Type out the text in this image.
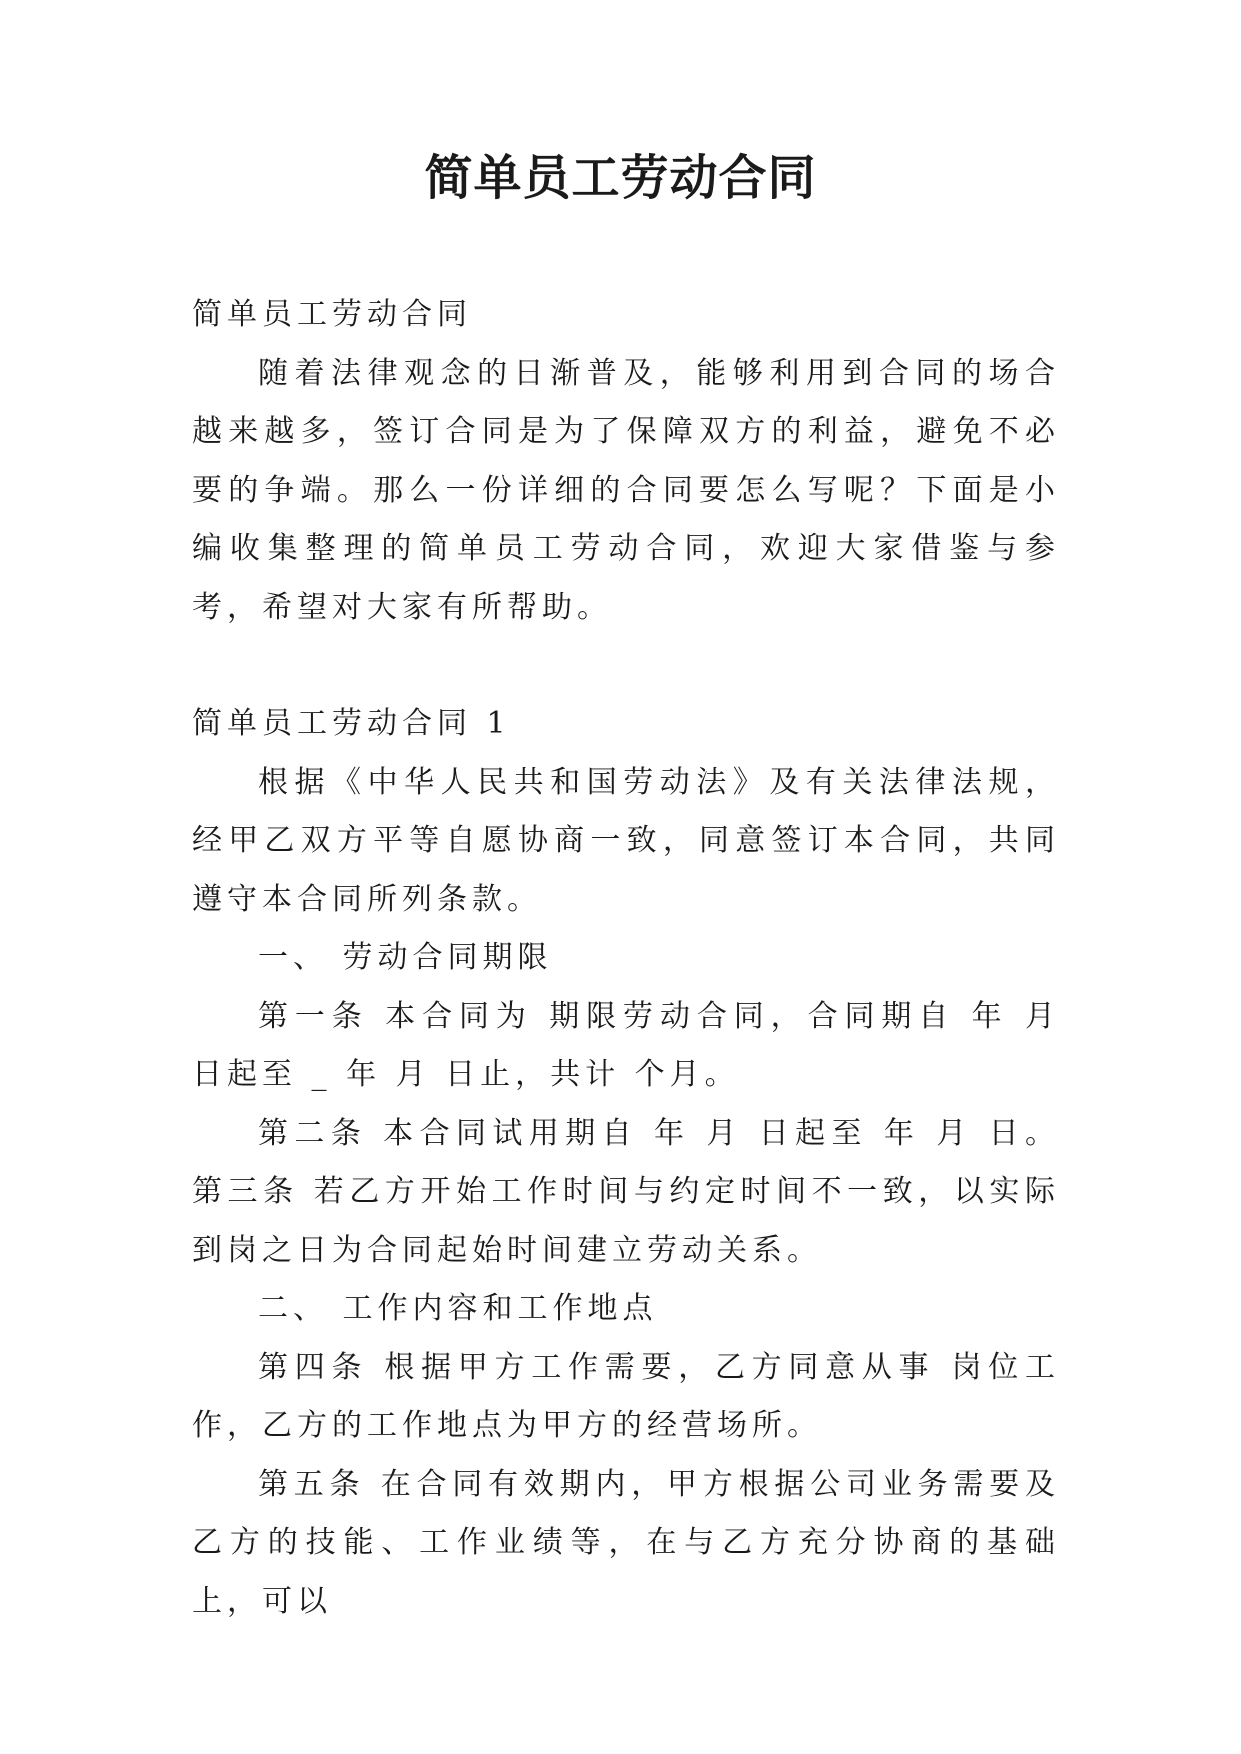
简单员工劳动合同

简单员工劳动合同

随着法律观念的日渐普及，能够利用到合同的场合越来越多，签订合同是为了保障双方的利益，避免不必要的争端。那么一份详细的合同要怎么写呢？下面是小编收集整理的简单员工劳动合同，欢迎大家借鉴与参考，希望对大家有所帮助。

简单员工劳动合同 1

根据《中华人民共和国劳动法》及有关法律法规，经甲乙双方平等自愿协商一致，同意签订本合同，共同遵守本合同所列条款。

一、 劳动合同期限

第一条 本合同为 期限劳动合同，合同期自 年 月 日起至 _ 年 月 日止，共计 个月。

第二条 本合同试用期自 年 月 日起至 年 月 日。 第三条 若乙方开始工作时间与约定时间不一致，以实际到岗之日为合同起始时间建立劳动关系。

二、 工作内容和工作地点

第四条 根据甲方工作需要，乙方同意从事 岗位工作，乙方的工作地点为甲方的经营场所。

第五条 在合同有效期内，甲方根据公司业务需要及乙方的技能、工作业绩等，在与乙方充分协商的基础上，可以
